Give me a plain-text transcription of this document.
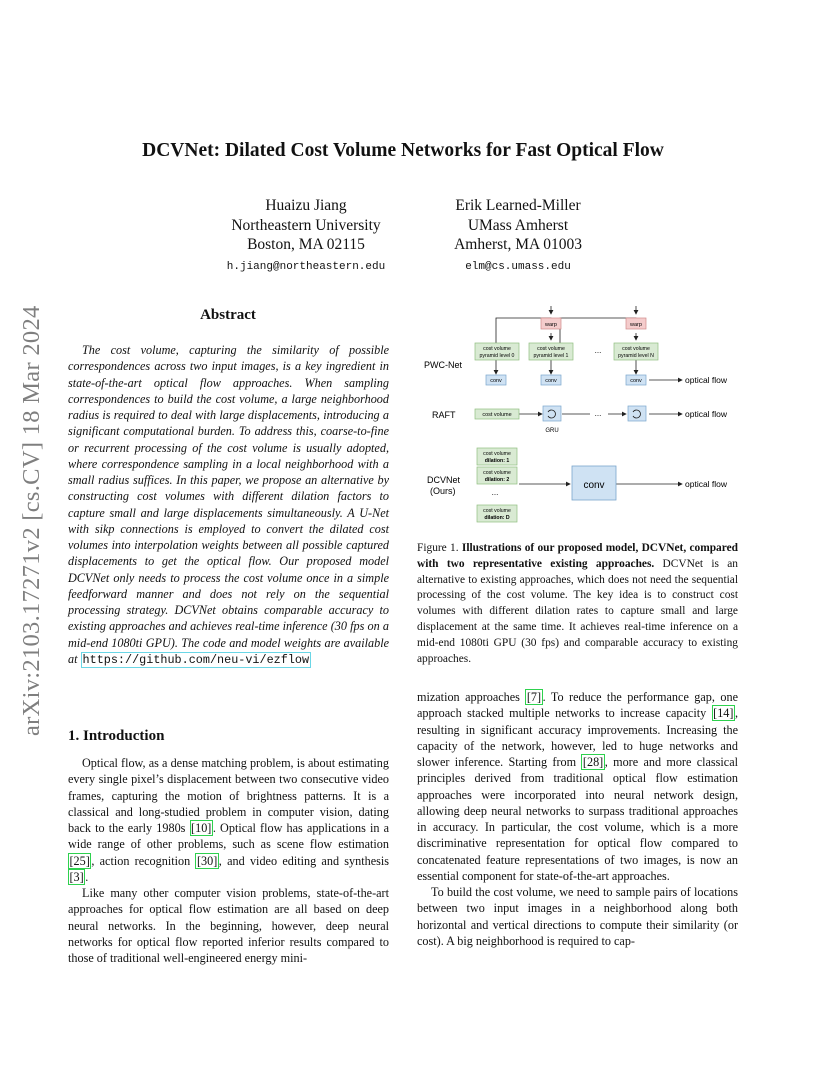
arXiv:2103.17271v2 [cs.CV] 18 Mar 2024
DCVNet: Dilated Cost Volume Networks for Fast Optical Flow
Huaizu Jiang
Northeastern University
Boston, MA 02115
h.jiang@northeastern.edu
Erik Learned-Miller
UMass Amherst
Amherst, MA 01003
elm@cs.umass.edu
Abstract
The cost volume, capturing the similarity of possible correspondences across two input images, is a key ingredient in state-of-the-art optical flow approaches. When sampling correspondences to build the cost volume, a large neighborhood radius is required to deal with large displacements, introducing a significant computational burden. To address this, coarse-to-fine or recurrent processing of the cost volume is usually adopted, where correspondence sampling in a local neighborhood with a small radius suffices. In this paper, we propose an alternative by constructing cost volumes with different dilation factors to capture small and large displacements simultaneously. A U-Net with sikp connections is employed to convert the dilated cost volumes into interpolation weights between all possible captured displacements to get the optical flow. Our proposed model DCVNet only needs to process the cost volume once in a simple feedforward manner and does not rely on the sequential processing strategy. DCVNet obtains comparable accuracy to existing approaches and achieves real-time inference (30 fps on a mid-end 1080ti GPU). The code and model weights are available at https://github.com/neu-vi/ezflow
1. Introduction

Optical flow, as a dense matching problem, is about estimating every single pixel’s displacement between two consecutive video frames, capturing the motion of brightness patterns. It is a classical and long-studied problem in computer vision, dating back to the early 1980s [10] . Optical flow has applications in a wide range of other problems, such as scene flow estimation [25] , action recognition [30] , and video editing and synthesis [3] .

Like many other computer vision problems, state-of-the-art approaches for optical flow estimation are all based on deep neural networks. In the beginning, however, deep neural networks for optical flow reported inferior results compared to those of traditional well-engineered energy mini-

mization approaches [7] . To reduce the performance gap, one approach stacked multiple networks to increase capacity [14] , resulting in significant accuracy improvements. Increasing the capacity of the network, however, led to huge networks and slower inference. Starting from [28] , more and more classical principles derived from traditional optical flow estimation approaches were incorporated into neural network design, allowing deep neural networks to surpass traditional approaches in accuracy. In particular, the cost volume, which is a more discriminative representation for optical flow compared to concatenated feature representations of two images, is now an essential component for state-of-the-art approaches.

To build the cost volume, we need to sample pairs of locations between two input images in a neighborhood along both horizontal and vertical directions to compute their similarity (or cost). A big neighborhood is required to cap-

PWC-Net
RAFT
DCVNet
(Ours)
warp	warp
cost volume
pyramid level 0
cost volume
pyramid level 1
...	cost volume
pyramid level N
conv	conv	conv	optical flow
cost volume
GRU
...	optical flow
cost volume
dilation: 1
cost volume
dilation: 2
...
cost volume
dilation: D
conv	optical flow
Figure 1. Illustrations of our proposed model, DCVNet, compared with two representative existing approaches. DCVNet is an alternative to existing approaches, which does not need the sequential processing of the cost volume. The key idea is to construct cost volumes with different dilation rates to capture small and large displacement at the same time. It achieves real-time inference on a mid-end 1080ti GPU (30 fps) and comparable accuracy to existing approaches.
